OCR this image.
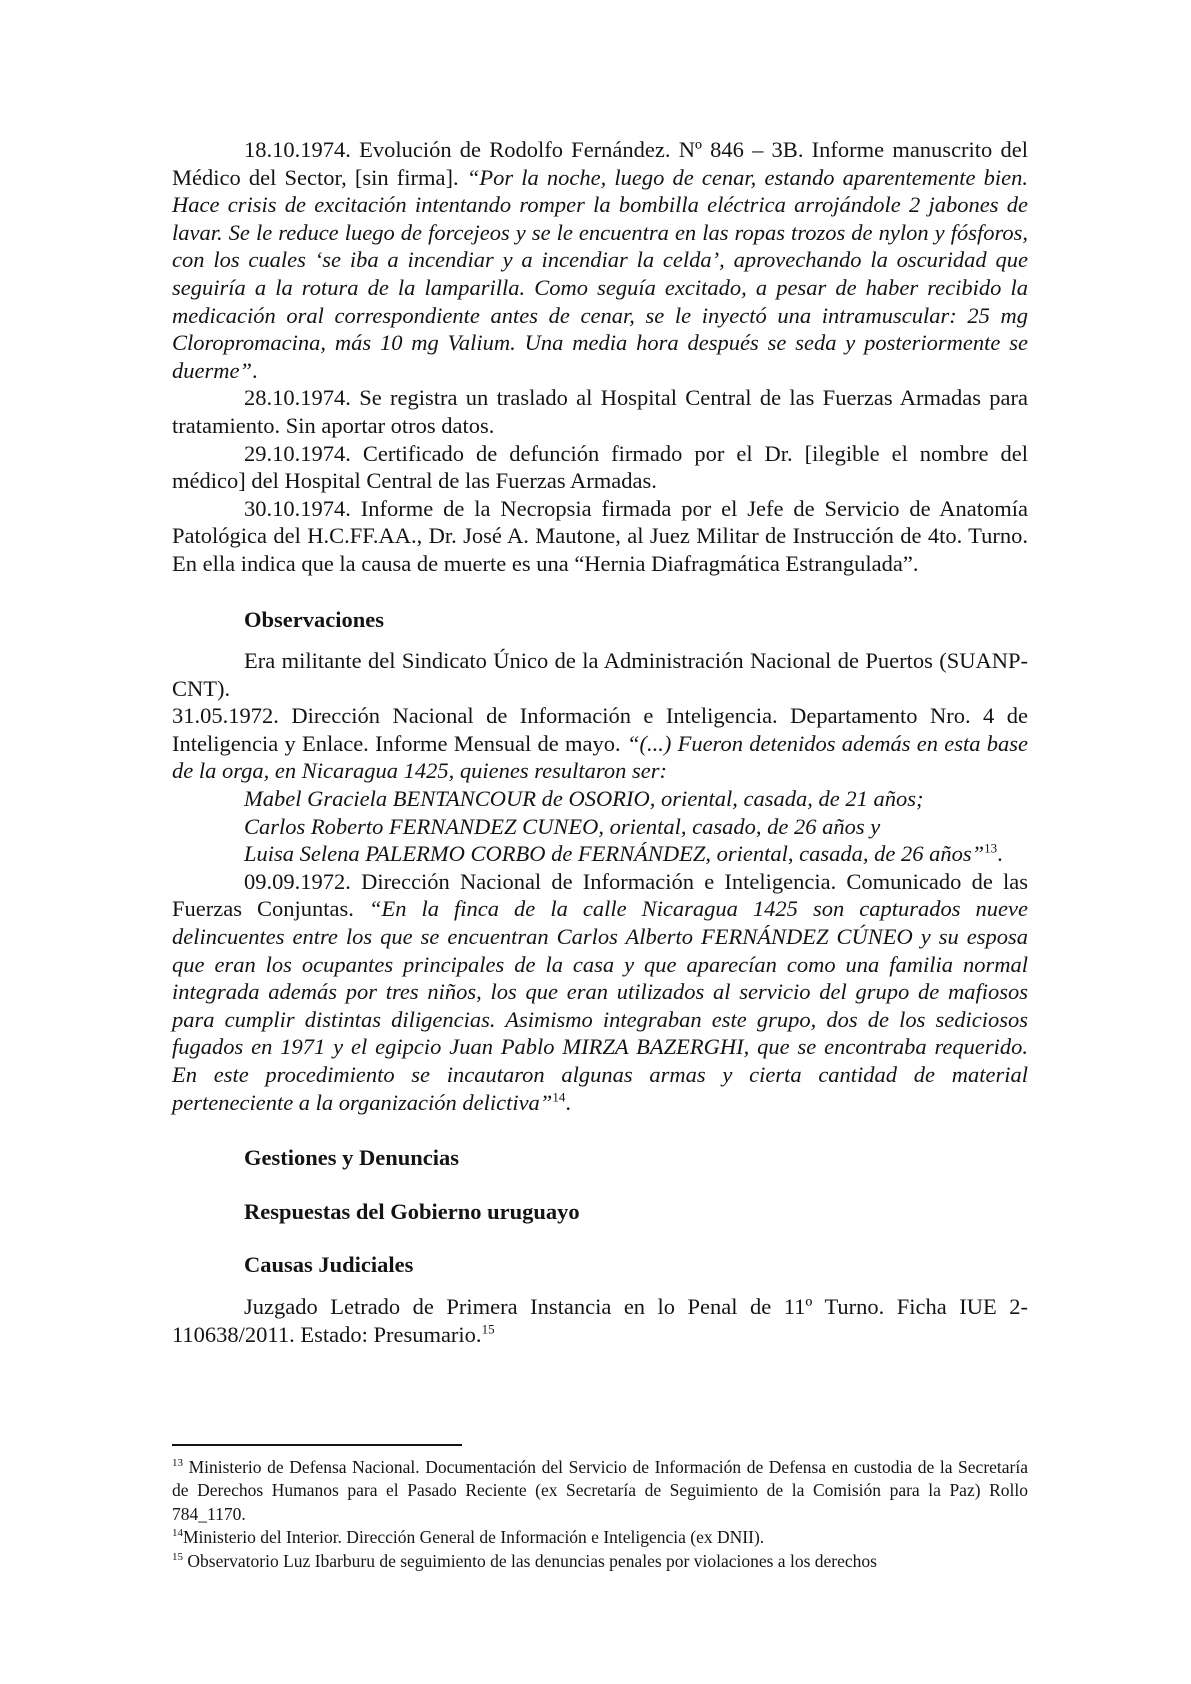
18.10.1974. Evolución de Rodolfo Fernández. Nº 846 – 3B. Informe manuscrito del Médico del Sector, [sin firma]. “Por la noche, luego de cenar, estando aparentemente bien. Hace crisis de excitación intentando romper la bombilla eléctrica arrojándole 2 jabones de lavar. Se le reduce luego de forcejeos y se le encuentra en las ropas trozos de nylon y fósforos, con los cuales ‘se iba a incendiar y a incendiar la celda’, aprovechando la oscuridad que seguiría a la rotura de la lamparilla. Como seguía excitado, a pesar de haber recibido la medicación oral correspondiente antes de cenar, se le inyectó una intramuscular: 25 mg Cloropromacina, más 10 mg Valium. Una media hora después se seda y posteriormente se duerme”.

28.10.1974. Se registra un traslado al Hospital Central de las Fuerzas Armadas para tratamiento. Sin aportar otros datos.

29.10.1974. Certificado de defunción firmado por el Dr. [ilegible el nombre del médico] del Hospital Central de las Fuerzas Armadas.

30.10.1974. Informe de la Necropsia firmada por el Jefe de Servicio de Anatomía Patológica del H.C.FF.AA., Dr. José A. Mautone, al Juez Militar de Instrucción de 4to. Turno. En ella indica que la causa de muerte es una “Hernia Diafragmática Estrangulada”.

Observaciones

Era militante del Sindicato Único de la Administración Nacional de Puertos (SUANP- CNT).

31.05.1972. Dirección Nacional de Información e Inteligencia. Departamento Nro. 4 de Inteligencia y Enlace. Informe Mensual de mayo. “(...) Fueron detenidos además en esta base de la orga, en Nicaragua 1425, quienes resultaron ser:

Mabel Graciela BENTANCOUR de OSORIO, oriental, casada, de 21 años;

Carlos Roberto FERNANDEZ CUNEO, oriental, casado, de 26 años y

Luisa Selena PALERMO CORBO de FERNÁNDEZ, oriental, casada, de 26 años”$^{13}$.

09.09.1972. Dirección Nacional de Información e Inteligencia. Comunicado de las Fuerzas Conjuntas. “En la finca de la calle Nicaragua 1425 son capturados nueve delincuentes entre los que se encuentran Carlos Alberto FERNÁNDEZ CÚNEO y su esposa que eran los ocupantes principales de la casa y que aparecían como una familia normal integrada además por tres niños, los que eran utilizados al servicio del grupo de mafiosos para cumplir distintas diligencias. Asimismo integraban este grupo, dos de los sediciosos fugados en 1971 y el egipcio Juan Pablo MIRZA BAZERGHI, que se encontraba requerido. En este procedimiento se incautaron algunas armas y cierta cantidad de material perteneciente a la organización delictiva”$^{14}$.

Gestiones y Denuncias

Respuestas del Gobierno uruguayo

Causas Judiciales

Juzgado Letrado de Primera Instancia en lo Penal de 11º Turno. Ficha IUE 2-110638/2011. Estado: Presumario.$^{15}$

$^{13}$ Ministerio de Defensa Nacional. Documentación del Servicio de Información de Defensa en custodia de la Secretaría de Derechos Humanos para el Pasado Reciente (ex Secretaría de Seguimiento de la Comisión para la Paz) Rollo 784_1170.

$^{14}$Ministerio del Interior. Dirección General de Información e Inteligencia (ex DNII).

$^{15}$ Observatorio Luz Ibarburu de seguimiento de las denuncias penales por violaciones a los derechos
